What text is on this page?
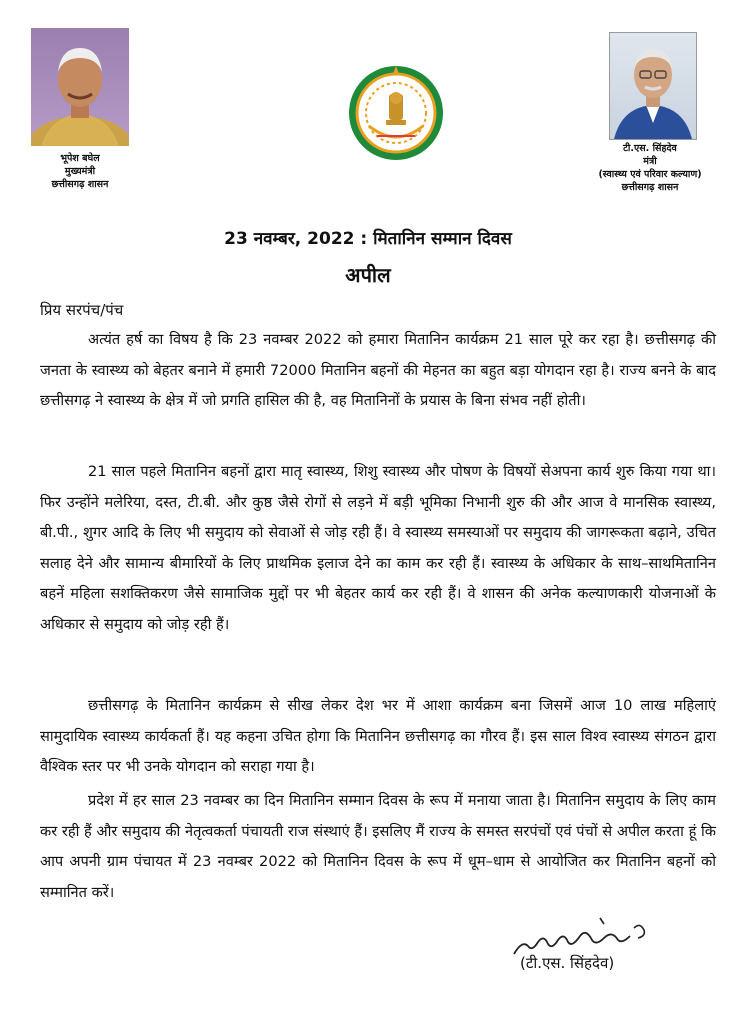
भूपेश बघेल
मुख्यमंत्री
छत्तीसगढ़ शासन
टी.एस. सिंहदेव
मंत्री
(स्वास्थ्य एवं परिवार कल्याण)
छत्तीसगढ़ शासन
23 नवम्बर, 2022 : मितानिन सम्मान दिवस
अपील
प्रिय सरपंच/पंच

अत्यंत हर्ष का विषय है कि 23 नवम्बर 2022 को हमारा मितानिन कार्यक्रम 21 साल पूरे कर रहा है। छत्तीसगढ़ की जनता के स्वास्थ्य को बेहतर बनाने में हमारी 72000 मितानिन बहनों की मेहनत का बहुत बड़ा योगदान रहा है। राज्य बनने के बाद छत्तीसगढ़ ने स्वास्थ्य के क्षेत्र में जो प्रगति हासिल की है, वह मितानिनों के प्रयास के बिना संभव नहीं होती।

21 साल पहले मितानिन बहनों द्वारा मातृ स्वास्थ्य, शिशु स्वास्थ्य और पोषण के विषयों सेअपना कार्य शुरु किया गया था। फिर उन्होंने मलेरिया, दस्त, टी.बी. और कुष्ठ जैसे रोगों से लड़ने में बड़ी भूमिका निभानी शुरु की और आज वे मानसिक स्वास्थ्य, बी.पी., शुगर आदि के लिए भी समुदाय को सेवाओं से जोड़ रही हैं। वे स्वास्थ्य समस्याओं पर समुदाय की जागरूकता बढ़ाने, उचित सलाह देने और सामान्य बीमारियों के लिए प्राथमिक इलाज देने का काम कर रही हैं। स्वास्थ्य के अधिकार के साथ–साथमितानिन बहनें महिला सशक्तिकरण जैसे सामाजिक मुद्दों पर भी बेहतर कार्य कर रही हैं। वे शासन की अनेक कल्याणकारी योजनाओं के अधिकार से समुदाय को जोड़ रही हैं।

छत्तीसगढ़ के मितानिन कार्यक्रम से सीख लेकर देश भर में आशा कार्यक्रम बना जिसमें आज 10 लाख महिलाएं सामुदायिक स्वास्थ्य कार्यकर्ता हैं। यह कहना उचित होगा कि मितानिन छत्तीसगढ़ का गौरव हैं। इस साल विश्व स्वास्थ्य संगठन द्वारा वैश्विक स्तर पर भी उनके योगदान को सराहा गया है।

प्रदेश में हर साल 23 नवम्बर का दिन मितानिन सम्मान दिवस के रूप में मनाया जाता है। मितानिन समुदाय के लिए काम कर रही हैं और समुदाय की नेतृत्वकर्ता पंचायती राज संस्थाएं हैं। इसलिए मैं राज्य के समस्त सरपंचों एवं पंचों से अपील करता हूं कि आप अपनी ग्राम पंचायत में 23 नवम्बर 2022 को मितानिन दिवस के रूप में धूम–धाम से आयोजित कर मितानिन बहनों को सम्मानित करें।

(टी.एस. सिंहदेव)
